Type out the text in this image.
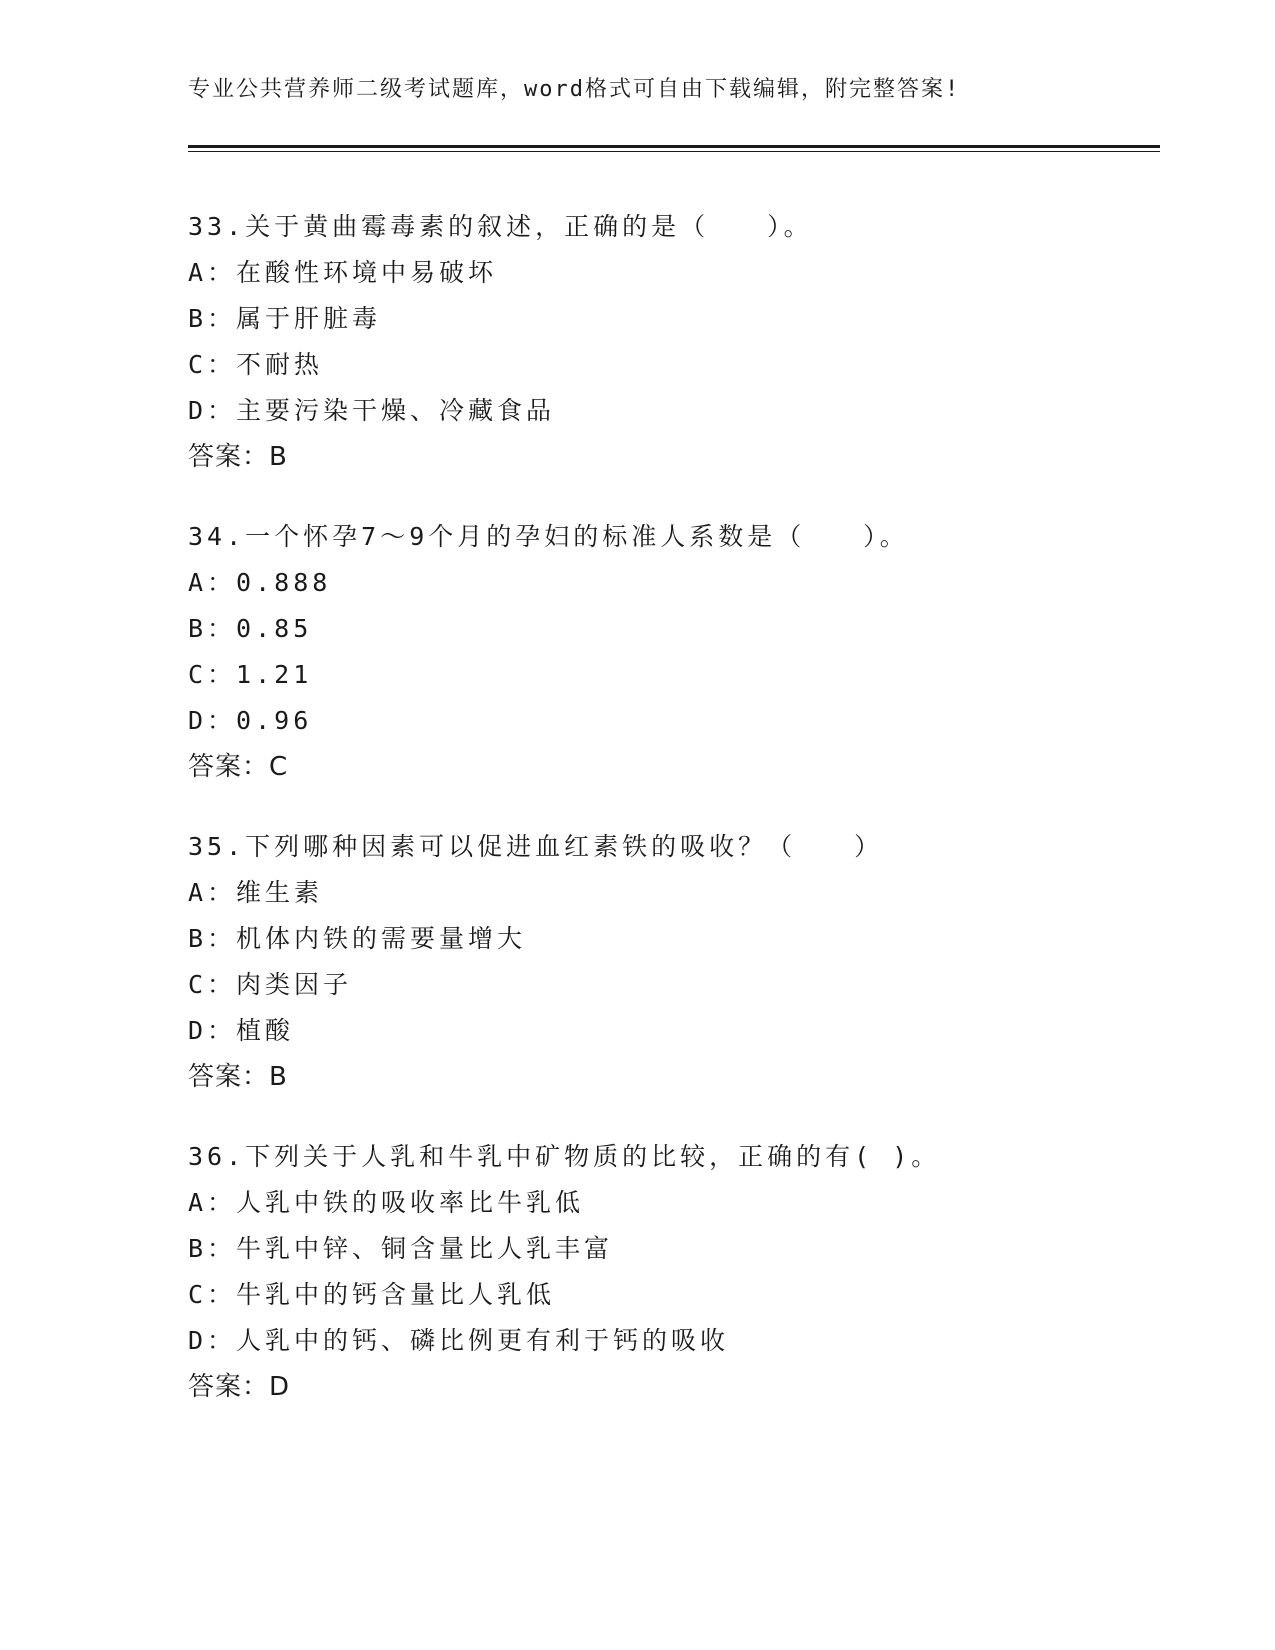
专业公共营养师二级考试题库，word格式可自由下载编辑，附完整答案!
33.关于黄曲霉毒素的叙述，正确的是（　　）。
A：在酸性环境中易破坏
B：属于肝脏毒
C：不耐热
D：主要污染干燥、冷藏食品
答案：B
34.一个怀孕7～9个月的孕妇的标准人系数是（　　）。
A：0.888
B：0.85
C：1.21
D：0.96
答案：C
35.下列哪种因素可以促进血红素铁的吸收？（　　）
A：维生素
B：机体内铁的需要量增大
C：肉类因子
D：植酸
答案：B
36.下列关于人乳和牛乳中矿物质的比较，正确的有( )。
A：人乳中铁的吸收率比牛乳低
B：牛乳中锌、铜含量比人乳丰富
C：牛乳中的钙含量比人乳低
D：人乳中的钙、磷比例更有利于钙的吸收
答案：D
